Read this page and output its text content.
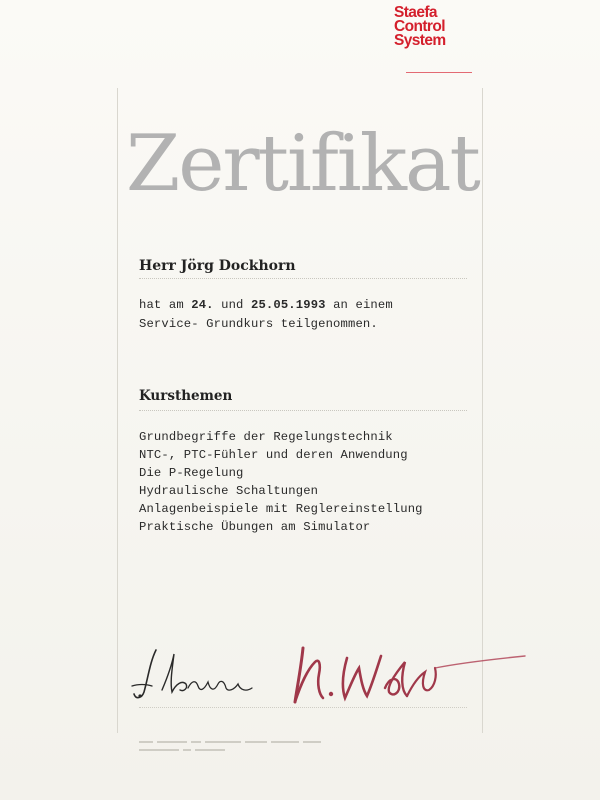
Staefa
Control
System
Zertifikat
Herr Jörg Dockhorn
hat am 24. und 25.05.1993 an einem
Service- Grundkurs teilgenommen.
Kursthemen
Grundbegriffe der Regelungstechnik
NTC-, PTC-Fühler und deren Anwendung
Die P-Regelung
Hydraulische Schaltungen
Anlagenbeispiele mit Reglereinstellung
Praktische Übungen am Simulator
